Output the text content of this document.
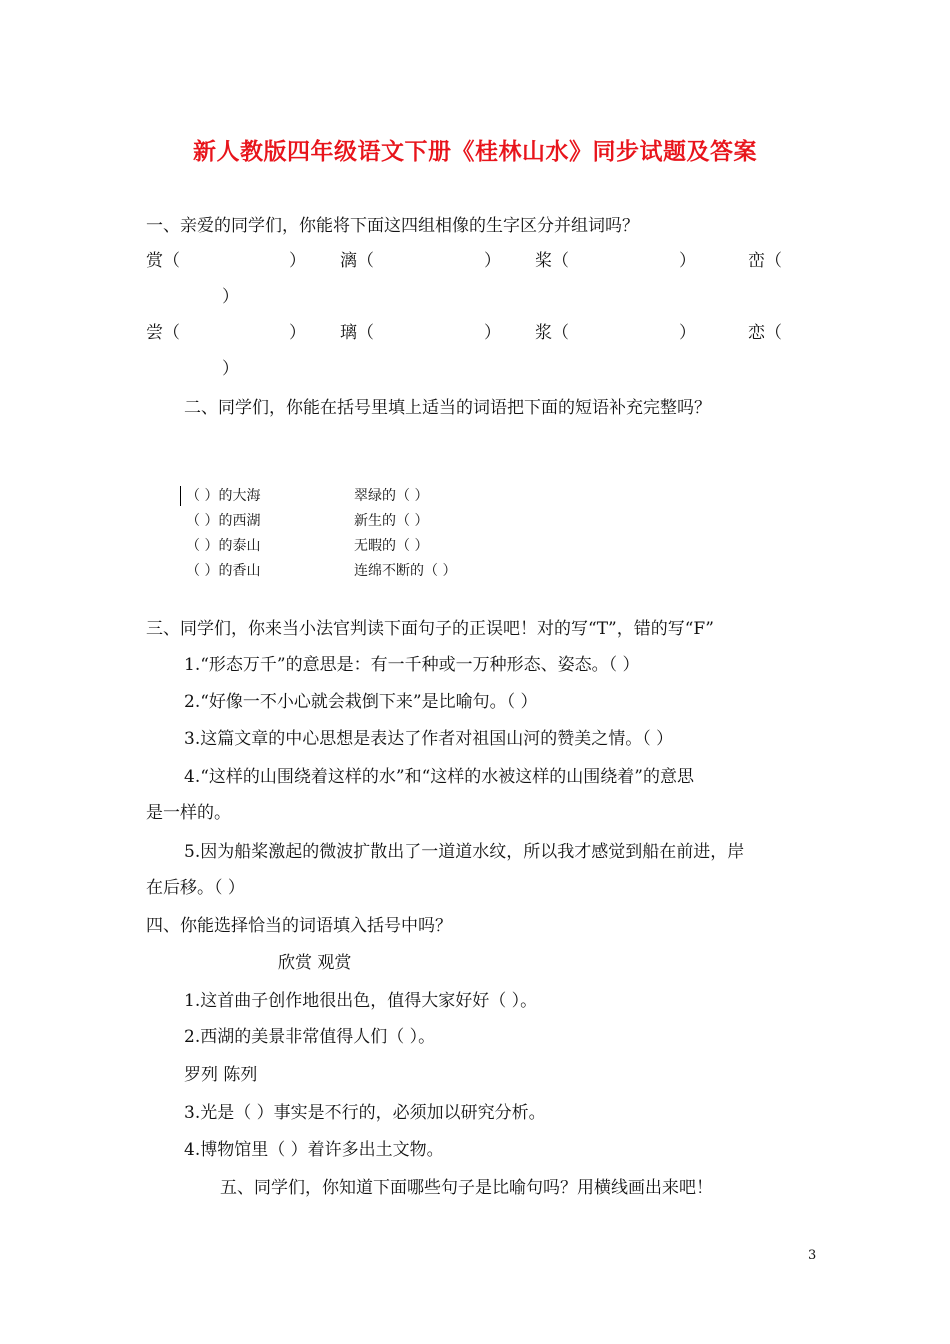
新人教版四年级语文下册《桂林山水》同步试题及答案
一、亲爱的同学们，你能将下面这四组相像的生字区分并组词吗？
赏（	） 漓（	） 桨（	）	峦（
）
尝（	） 璃（	） 浆（	）	恋（
）
二、同学们，你能在括号里填上适当的词语把下面的短语补充完整吗？
（ ）的大海	翠绿的（ ）
（ ）的西湖	新生的（ ）
（ ）的泰山	无暇的（ ）
（ ）的香山	连绵不断的（ ）
三、同学们，你来当小法官判读下面句子的正误吧！对的写“T”，错的写“F”
1.“形态万千”的意思是：有一千种或一万种形态、姿态。（ ）
2.“好像一不小心就会栽倒下来”是比喻句。（ ）
3.这篇文章的中心思想是表达了作者对祖国山河的赞美之情。（ ）
4.“这样的山围绕着这样的水”和“这样的水被这样的山围绕着”的意思
是一样的。
5.因为船桨激起的微波扩散出了一道道水纹，所以我才感觉到船在前进，岸
在后移。（ ）
四、你能选择恰当的词语填入括号中吗？
欣赏 观赏
1.这首曲子创作地很出色，值得大家好好（ ）。
2.西湖的美景非常值得人们（ ）。
罗列 陈列
3.光是（ ）事实是不行的，必须加以研究分析。
4.博物馆里（ ）着许多出土文物。
五、同学们，你知道下面哪些句子是比喻句吗？用横线画出来吧！
3
